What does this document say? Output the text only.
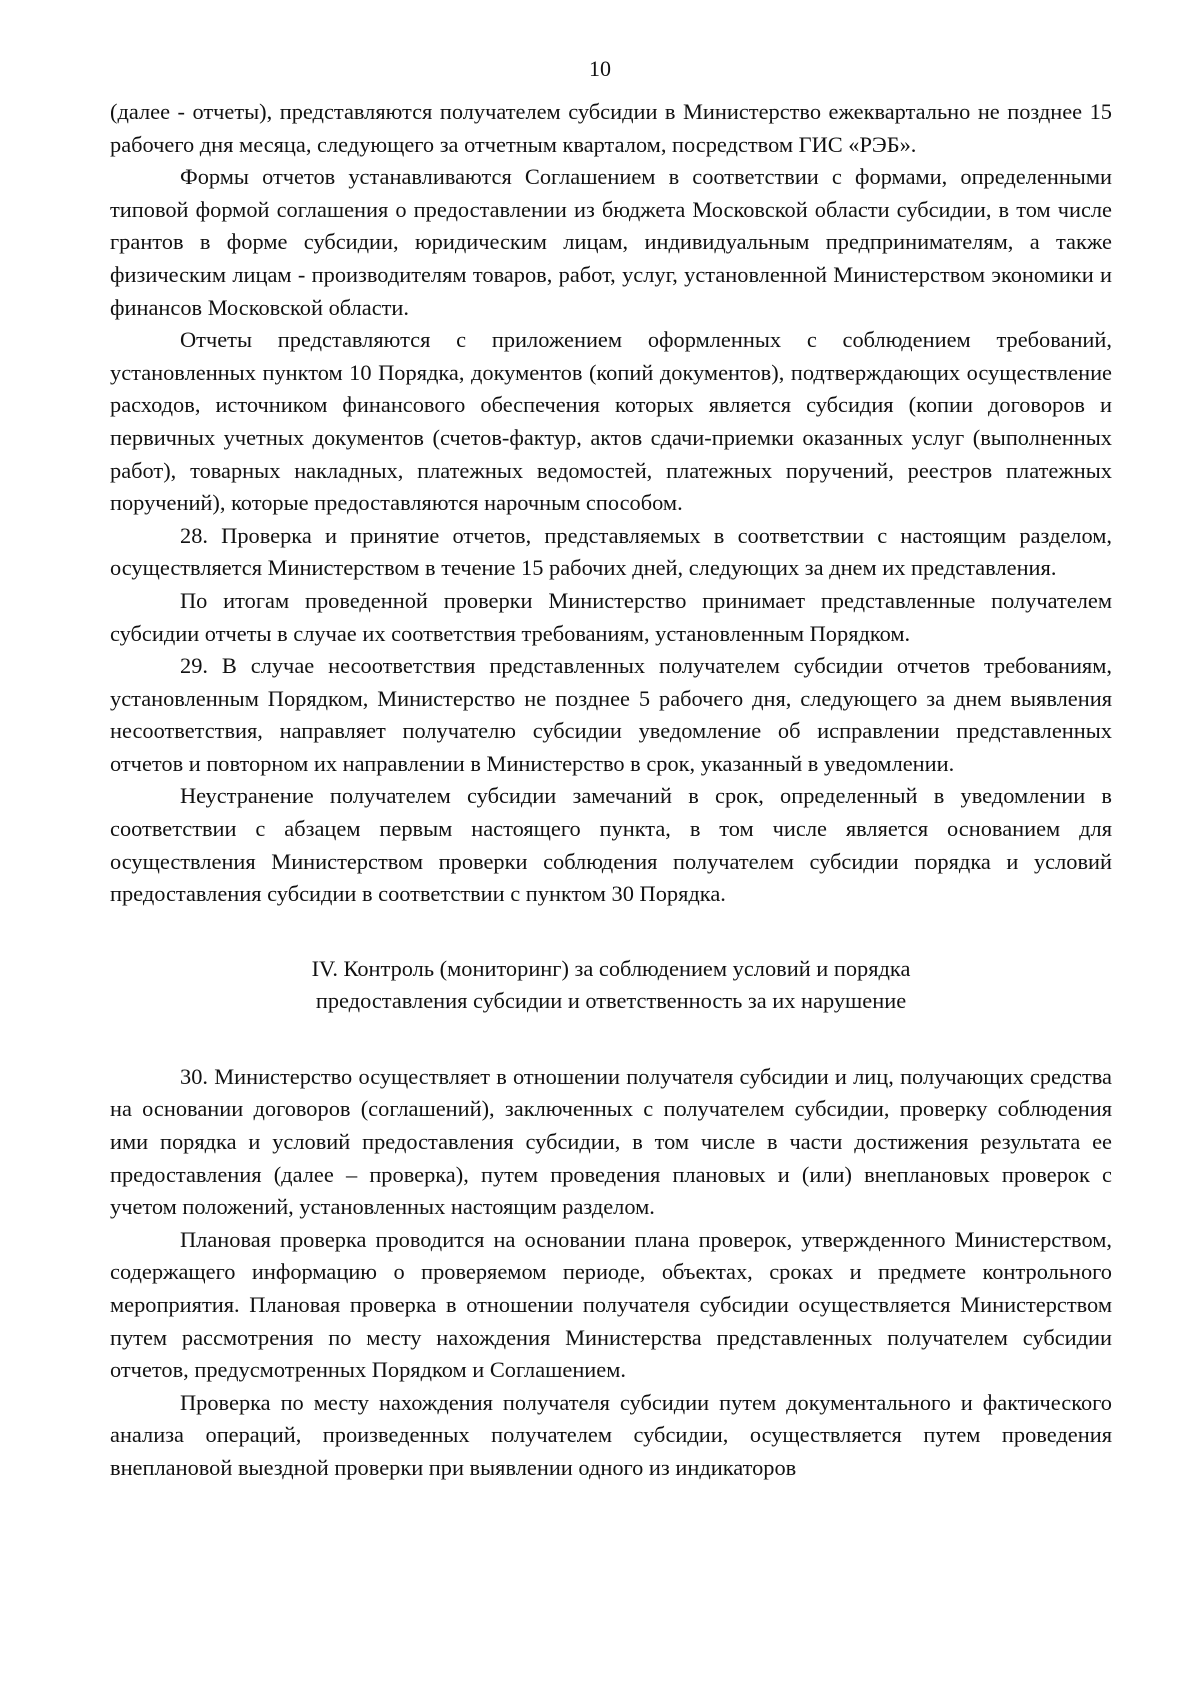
10

(далее - отчеты), представляются получателем субсидии в Министерство ежеквартально не позднее 15 рабочего дня месяца, следующего за отчетным кварталом, посредством ГИС «РЭБ».

Формы отчетов устанавливаются Соглашением в соответствии с формами, определенными типовой формой соглашения о предоставлении из бюджета Московской области субсидии, в том числе грантов в форме субсидии, юридическим лицам, индивидуальным предпринимателям, а также физическим лицам - производителям товаров, работ, услуг, установленной Министерством экономики и финансов Московской области.

Отчеты представляются с приложением оформленных с соблюдением требований, установленных пунктом 10 Порядка, документов (копий документов), подтверждающих осуществление расходов, источником финансового обеспечения которых является субсидия (копии договоров и первичных учетных документов (счетов-фактур, актов сдачи-приемки оказанных услуг (выполненных работ), товарных накладных, платежных ведомостей, платежных поручений, реестров платежных поручений), которые предоставляются нарочным способом.

28. Проверка и принятие отчетов, представляемых в соответствии с настоящим разделом, осуществляется Министерством в течение 15 рабочих дней, следующих за днем их представления.

По итогам проведенной проверки Министерство принимает представленные получателем субсидии отчеты в случае их соответствия требованиям, установленным Порядком.

29. В случае несоответствия представленных получателем субсидии отчетов требованиям, установленным Порядком, Министерство не позднее 5 рабочего дня, следующего за днем выявления несоответствия, направляет получателю субсидии уведомление об исправлении представленных отчетов и повторном их направлении в Министерство в срок, указанный в уведомлении.

Неустранение получателем субсидии замечаний в срок, определенный в уведомлении в соответствии с абзацем первым настоящего пункта, в том числе является основанием для осуществления Министерством проверки соблюдения получателем субсидии порядка и условий предоставления субсидии в соответствии с пунктом 30 Порядка.

IV. Контроль (мониторинг) за соблюдением условий и порядка
предоставления субсидии и ответственность за их нарушение

30. Министерство осуществляет в отношении получателя субсидии и лиц, получающих средства на основании договоров (соглашений), заключенных с получателем субсидии, проверку соблюдения ими порядка и условий предоставления субсидии, в том числе в части достижения результата ее предоставления (далее – проверка), путем проведения плановых и (или) внеплановых проверок с учетом положений, установленных настоящим разделом.

Плановая проверка проводится на основании плана проверок, утвержденного Министерством, содержащего информацию о проверяемом периоде, объектах, сроках и предмете контрольного мероприятия. Плановая проверка в отношении получателя субсидии осуществляется Министерством путем рассмотрения по месту нахождения Министерства представленных получателем субсидии отчетов, предусмотренных Порядком и Соглашением.

Проверка по месту нахождения получателя субсидии путем документального и фактического анализа операций, произведенных получателем субсидии, осуществляется путем проведения внеплановой выездной проверки при выявлении одного из индикаторов
